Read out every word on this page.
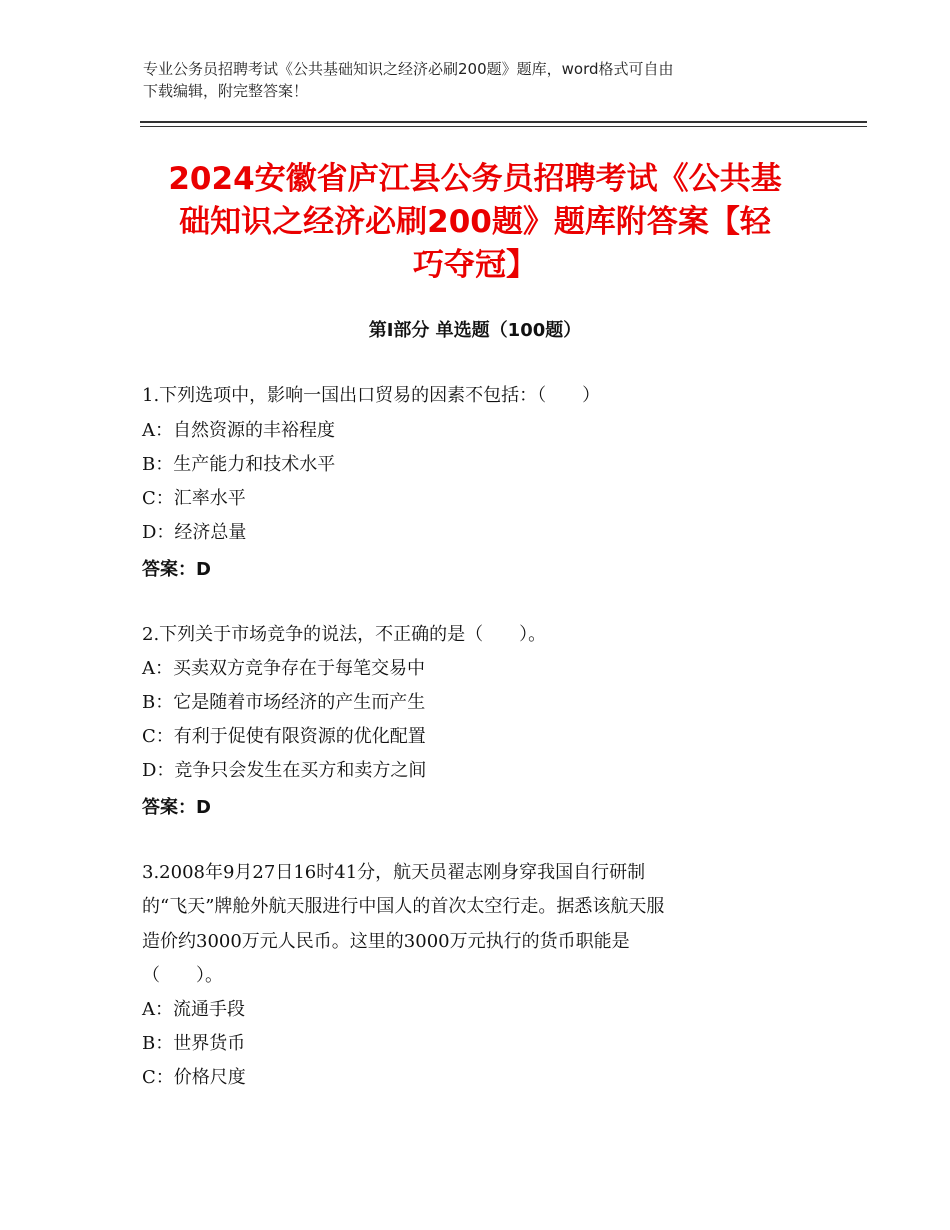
专业公务员招聘考试《公共基础知识之经济必刷200题》题库，word格式可自由
下载编辑，附完整答案！
2024安徽省庐江县公务员招聘考试《公共基
础知识之经济必刷200题》题库附答案【轻
巧夺冠】
第Ⅰ部分 单选题（100题）
1.下列选项中，影响一国出口贸易的因素不包括：（　　）
A：自然资源的丰裕程度
B：生产能力和技术水平
C：汇率水平
D：经济总量
答案：D
2.下列关于市场竞争的说法，不正确的是（　　）。
A：买卖双方竞争存在于每笔交易中
B：它是随着市场经济的产生而产生
C：有利于促使有限资源的优化配置
D：竞争只会发生在买方和卖方之间
答案：D
3.2008年9月27日16时41分，航天员翟志刚身穿我国自行研制
的“飞天”牌舱外航天服进行中国人的首次太空行走。据悉该航天服
造价约3000万元人民币。这里的3000万元执行的货币职能是
（　　）。
A：流通手段
B：世界货币
C：价格尺度
